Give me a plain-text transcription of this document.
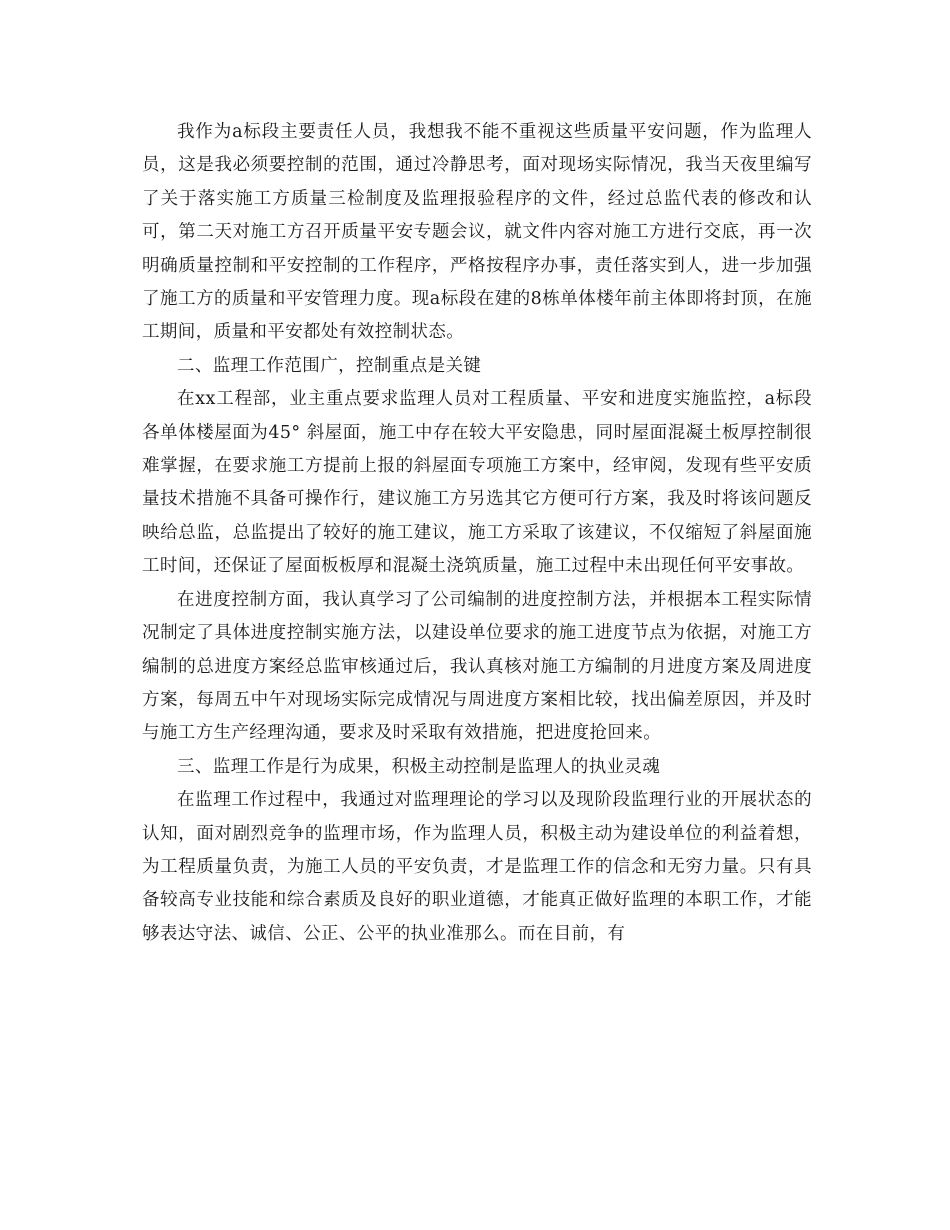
我作为a标段主要责任人员，我想我不能不重视这些质量平安问题，作为监理人员，这是我必须要控制的范围，通过冷静思考，面对现场实际情况，我当天夜里编写了关于落实施工方质量三检制度及监理报验程序的文件，经过总监代表的修改和认可，第二天对施工方召开质量平安专题会议，就文件内容对施工方进行交底，再一次明确质量控制和平安控制的工作程序，严格按程序办事，责任落实到人，进一步加强了施工方的质量和平安管理力度。现a标段在建的8栋单体楼年前主体即将封顶，在施工期间，质量和平安都处有效控制状态。

二、监理工作范围广，控制重点是关键

在xx工程部，业主重点要求监理人员对工程质量、平安和进度实施监控，a标段各单体楼屋面为45° 斜屋面，施工中存在较大平安隐患，同时屋面混凝土板厚控制很难掌握，在要求施工方提前上报的斜屋面专项施工方案中，经审阅，发现有些平安质量技术措施不具备可操作行，建议施工方另选其它方便可行方案，我及时将该问题反映给总监，总监提出了较好的施工建议，施工方采取了该建议，不仅缩短了斜屋面施工时间，还保证了屋面板板厚和混凝土浇筑质量，施工过程中未出现任何平安事故。

在进度控制方面，我认真学习了公司编制的进度控制方法，并根据本工程实际情况制定了具体进度控制实施方法，以建设单位要求的施工进度节点为依据，对施工方编制的总进度方案经总监审核通过后，我认真核对施工方编制的月进度方案及周进度方案，每周五中午对现场实际完成情况与周进度方案相比较，找出偏差原因，并及时与施工方生产经理沟通，要求及时采取有效措施，把进度抢回来。

三、监理工作是行为成果，积极主动控制是监理人的执业灵魂

在监理工作过程中，我通过对监理理论的学习以及现阶段监理行业的开展状态的认知，面对剧烈竞争的监理市场，作为监理人员，积极主动为建设单位的利益着想，为工程质量负责，为施工人员的平安负责，才是监理工作的信念和无穷力量。只有具备较高专业技能和综合素质及良好的职业道德，才能真正做好监理的本职工作，才能够表达守法、诚信、公正、公平的执业准那么。而在目前，有
